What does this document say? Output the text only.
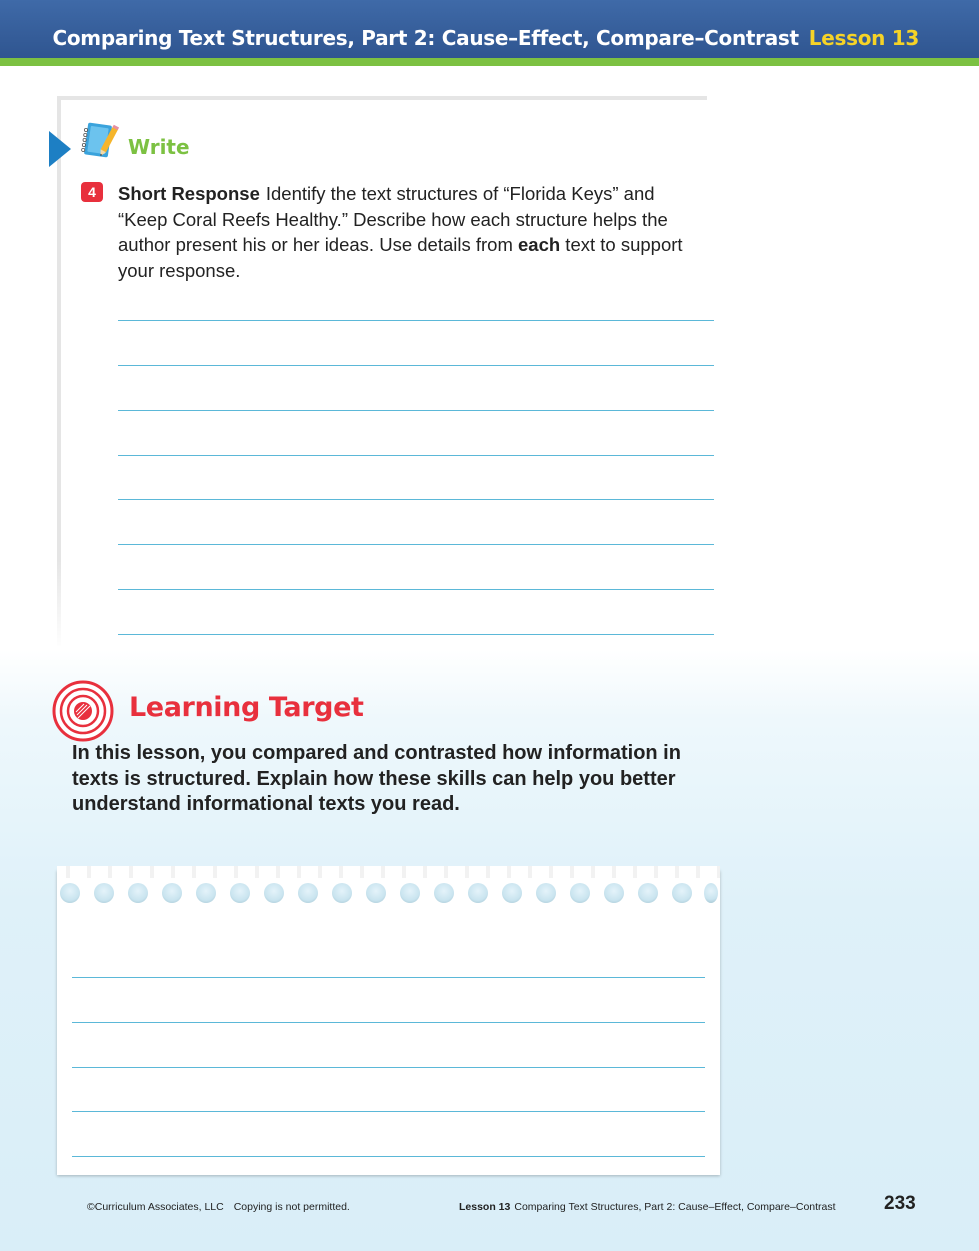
Comparing Text Structures, Part 2: Cause–Effect, Compare–Contrast Lesson 13
Write
4	Short Response Identify the text structures of “Florida Keys” and “Keep Coral Reefs Healthy.” Describe how each structure helps the author present his or her ideas. Use details from each text to support your response.
Learning Target
In this lesson, you compared and contrasted how information in texts is structured. Explain how these skills can help you better understand informational texts you read.
©Curriculum Associates, LLC Copying is not permitted.	Lesson 13 Comparing Text Structures, Part 2: Cause–Effect, Compare–Contrast	233
